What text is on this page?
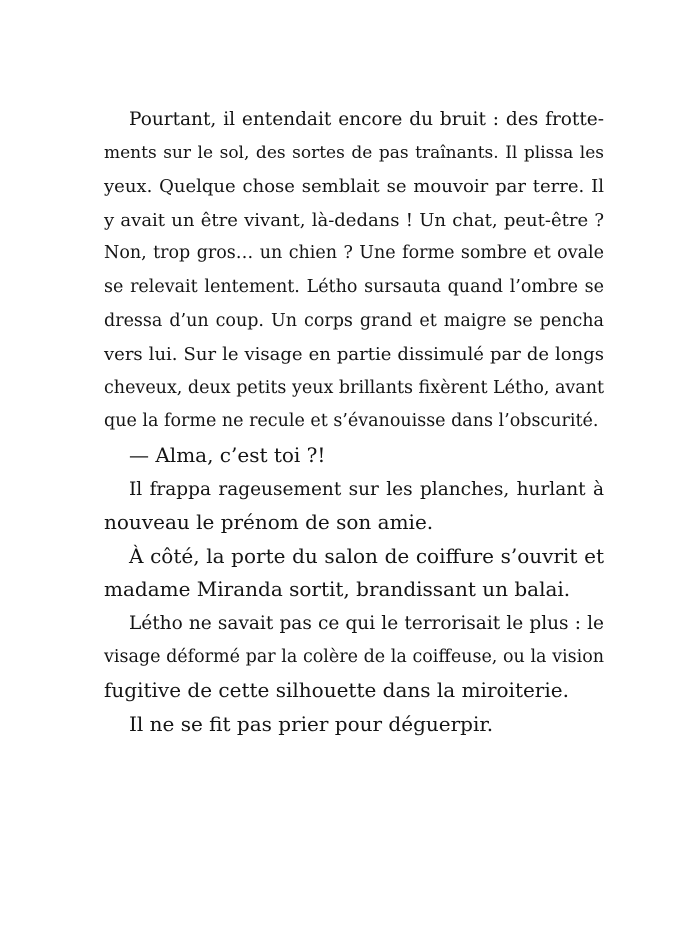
Pourtant, il entendait encore du bruit : des frotte-
ments sur le sol, des sortes de pas traînants. Il plissa les
yeux. Quelque chose semblait se mouvoir par terre. Il
y avait un être vivant, là-dedans ! Un chat, peut-être ?
Non, trop gros… un chien ? Une forme sombre et ovale
se relevait lentement. Létho sursauta quand l’ombre se
dressa d’un coup. Un corps grand et maigre se pencha
vers lui. Sur le visage en partie dissimulé par de longs
cheveux, deux petits yeux brillants fixèrent Létho, avant
que la forme ne recule et s’évanouisse dans l’obscurité.
— Alma, c’est toi ?!
Il frappa rageusement sur les planches, hurlant à
nouveau le prénom de son amie.
À côté, la porte du salon de coiffure s’ouvrit et
madame Miranda sortit, brandissant un balai.
Létho ne savait pas ce qui le terrorisait le plus : le
visage déformé par la colère de la coiffeuse, ou la vision
fugitive de cette silhouette dans la miroiterie.
Il ne se fit pas prier pour déguerpir.
